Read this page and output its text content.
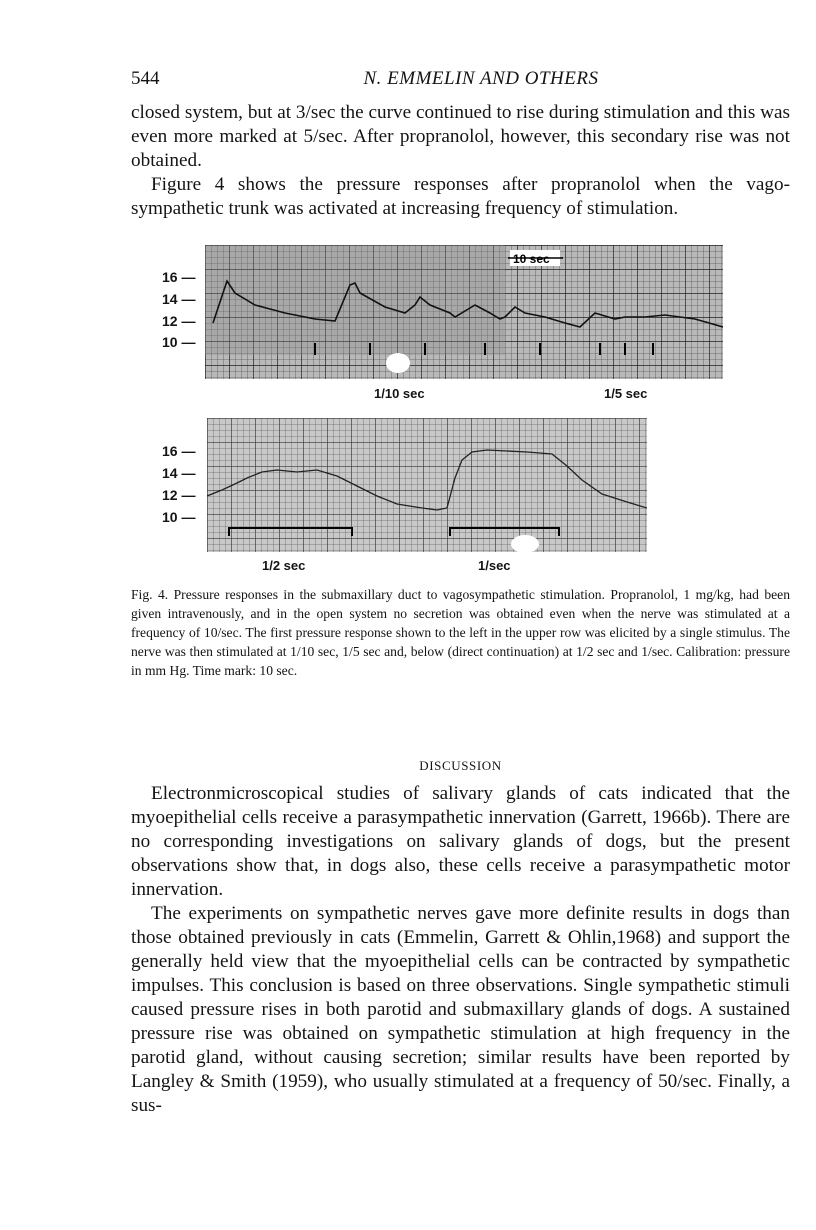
544	N. EMMELIN AND OTHERS

closed system, but at 3/sec the curve continued to rise during stimulation and this was even more marked at 5/sec. After propranolol, however, this secondary rise was not obtained.

Figure 4 shows the pressure responses after propranolol when the vago-sympathetic trunk was activated at increasing frequency of stimulation.

10 sec
16 —
14 —
12 —
10 —
1/10 sec	1/5 sec
16 —
14 —
12 —
10 —
1/2 sec	1/sec

Fig. 4. Pressure responses in the submaxillary duct to vagosympathetic stimulation. Propranolol, 1 mg/kg, had been given intravenously, and in the open system no secretion was obtained even when the nerve was stimulated at a frequency of 10/sec. The first pressure response shown to the left in the upper row was elicited by a single stimulus. The nerve was then stimulated at 1/10 sec, 1/5 sec and, below (direct continuation) at 1/2 sec and 1/sec. Calibration: pressure in mm Hg. Time mark: 10 sec.

DISCUSSION

Electronmicroscopical studies of salivary glands of cats indicated that the myoepithelial cells receive a parasympathetic innervation (Garrett, 1966b). There are no corresponding investigations on salivary glands of dogs, but the present observations show that, in dogs also, these cells receive a parasympathetic motor innervation.

The experiments on sympathetic nerves gave more definite results in dogs than those obtained previously in cats (Emmelin, Garrett & Ohlin,1968) and support the generally held view that the myoepithelial cells can be contracted by sympathetic impulses. This conclusion is based on three observations. Single sympathetic stimuli caused pressure rises in both parotid and submaxillary glands of dogs. A sustained pressure rise was obtained on sympathetic stimulation at high frequency in the parotid gland, without causing secretion; similar results have been reported by Langley & Smith (1959), who usually stimulated at a frequency of 50/sec. Finally, a sus-
